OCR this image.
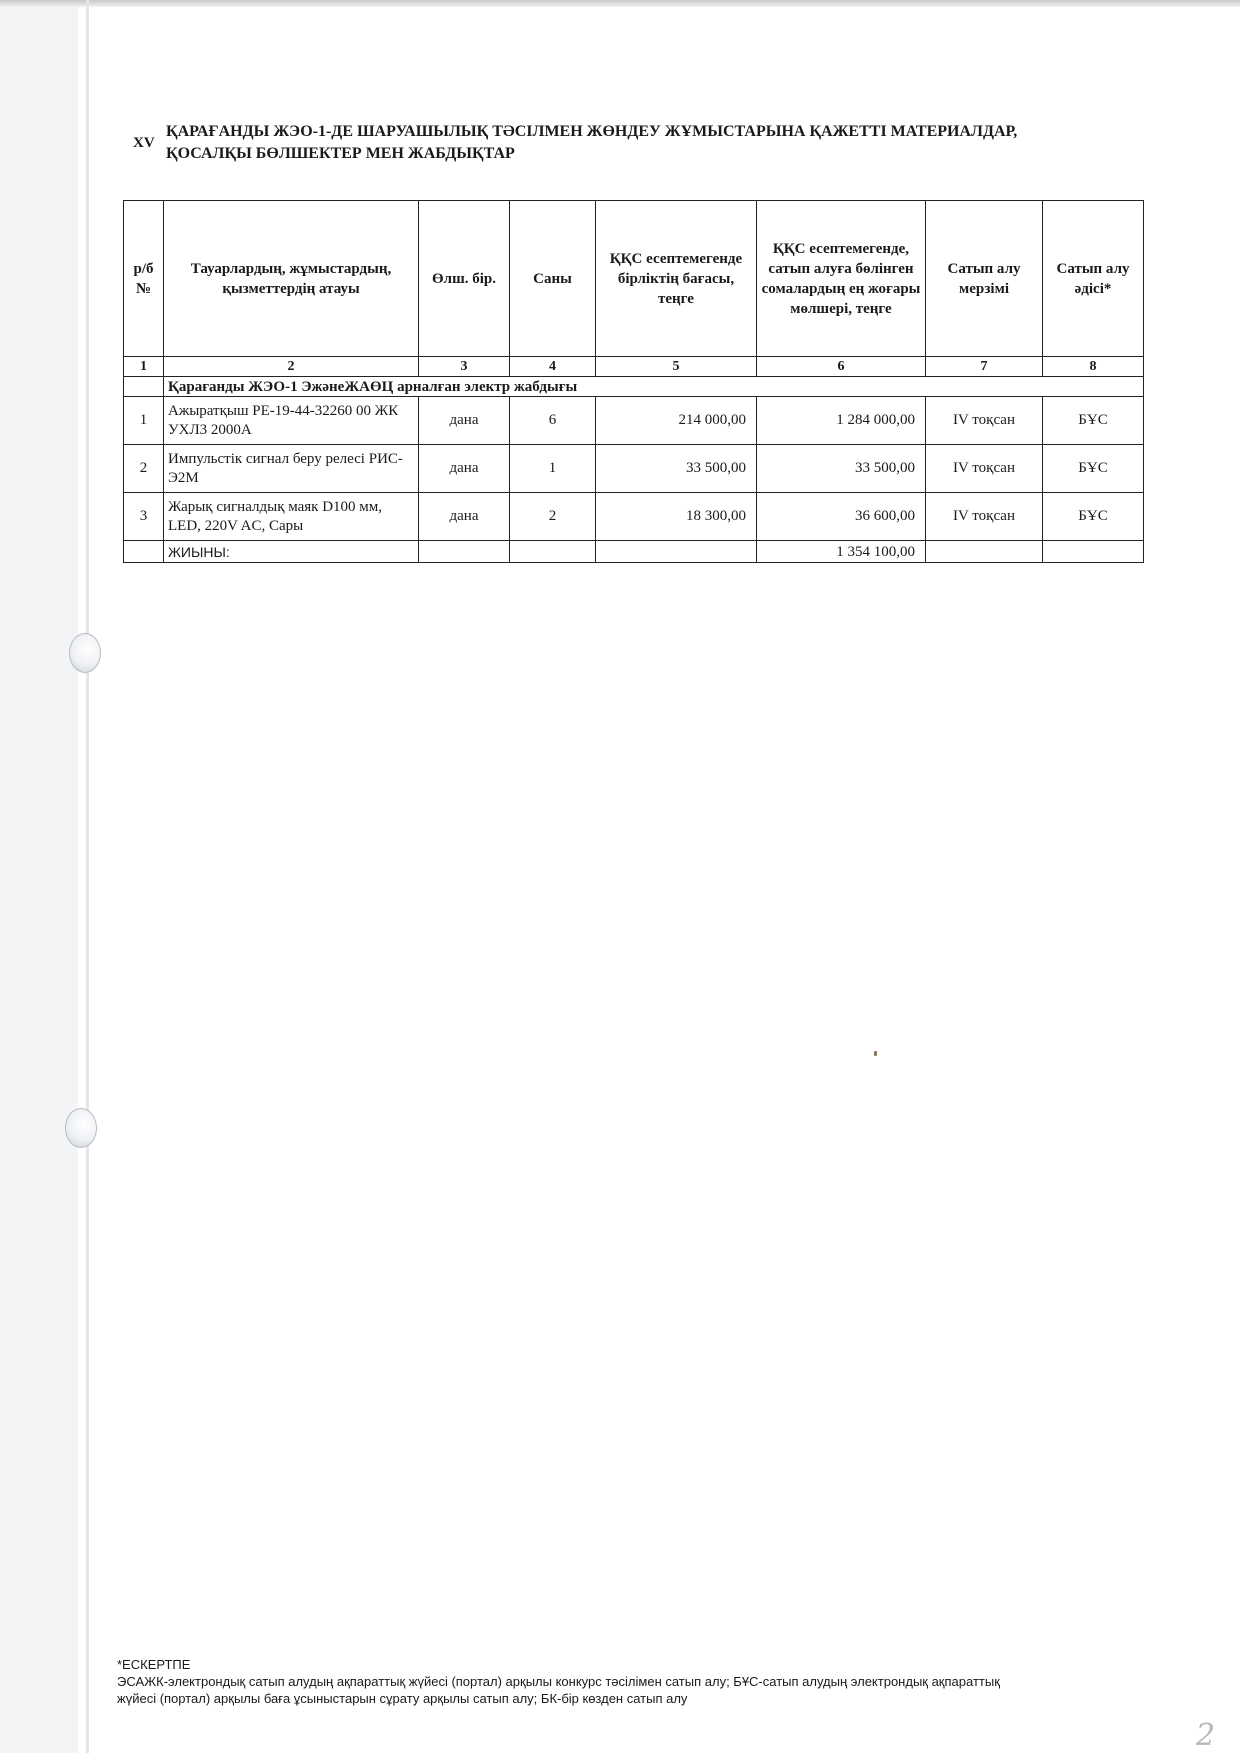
XV
ҚАРАҒАНДЫ ЖЭО-1-ДЕ ШАРУАШЫЛЫҚ ТӘСІЛМЕН ЖӨНДЕУ ЖҰМЫСТАРЫНА ҚАЖЕТТІ МАТЕРИАЛДАР,
ҚОСАЛҚЫ БӨЛШЕКТЕР МЕН ЖАБДЫҚТАР
р/б №	Тауарлардың, жұмыстардың, қызметтердің атауы	Өлш. бір.	Саны	ҚҚС есептемегенде бірліктің бағасы, теңге	ҚҚС есептемегенде, сатып алуға бөлінген сомалардың ең жоғары мөлшері, теңге	Сатып алу мерзімі	Сатып алу әдісі*
1	2	3	4	5	6	7	8
	Қарағанды ЖЭО-1 ЭжәнеЖАӨЦ арналған электр жабдығы						
1	Ажыратқыш РЕ-19-44-32260 00 ЖК УХЛ3 2000А	дана	6	214 000,00	1 284 000,00	IV тоқсан	БҰС
2	Импульстік сигнал беру релесі РИС-Э2М	дана	1	33 500,00	33 500,00	IV тоқсан	БҰС
3	Жарық сигналдық маяк D100 мм, LED, 220V AC, Сары	дана	2	18 300,00	36 600,00	IV тоқсан	БҰС
	ЖИЫНЫ:				1 354 100,00		
*ЕСКЕРТПЕ
ЭСАЖК-электрондық сатып алудың ақпараттық жүйесі (портал) арқылы конкурс тәсілімен сатып алу; БҰС-сатып алудың электрондық ақпараттық
жүйесі (портал) арқылы баға ұсыныстарын сұрату арқылы сатып алу; БК-бір көзден сатып алу
2
